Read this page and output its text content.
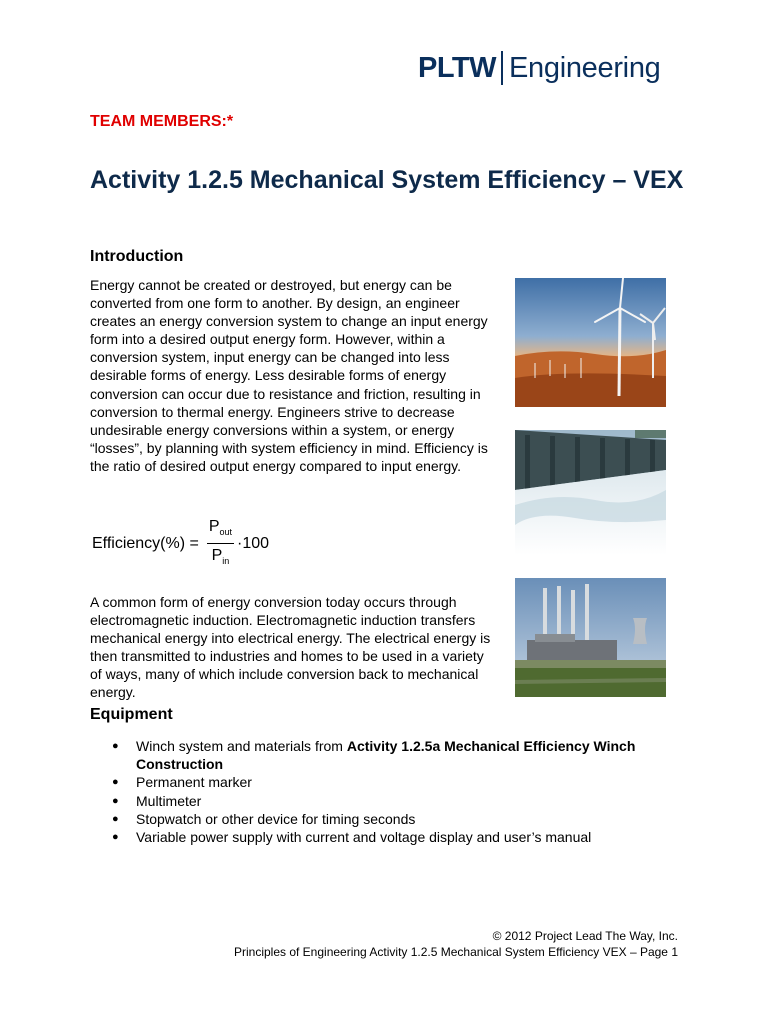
PLTW Engineering
TEAM MEMBERS:*
Activity 1.2.5 Mechanical System Efficiency – VEX
Introduction

Energy cannot be created or destroyed, but energy can be converted from one form to another. By design, an engineer creates an energy conversion system to change an input energy form into a desired output energy form. However, within a conversion system, input energy can be changed into less desirable forms of energy. Less desirable forms of energy conversion can occur due to resistance and friction, resulting in conversion to thermal energy. Engineers strive to decrease undesirable energy conversions within a system, or energy “losses”, by planning with system efficiency in mind. Efficiency is the ratio of desired output energy compared to input energy.

Efficiency(%) = $\frac{P_{out}}{P_{in}} \cdot 100$

A common form of energy conversion today occurs through electromagnetic induction. Electromagnetic induction transfers mechanical energy into electrical energy. The electrical energy is then transmitted to industries and homes to be used in a variety of ways, many of which include conversion back to mechanical energy.

Equipment
● Winch system and materials from Activity 1.2.5a Mechanical Efficiency Winch Construction
● Permanent marker
● Multimeter
● Stopwatch or other device for timing seconds
● Variable power supply with current and voltage display and user’s manual
© 2012 Project Lead The Way, Inc.
Principles of Engineering Activity 1.2.5 Mechanical System Efficiency VEX – Page 1
